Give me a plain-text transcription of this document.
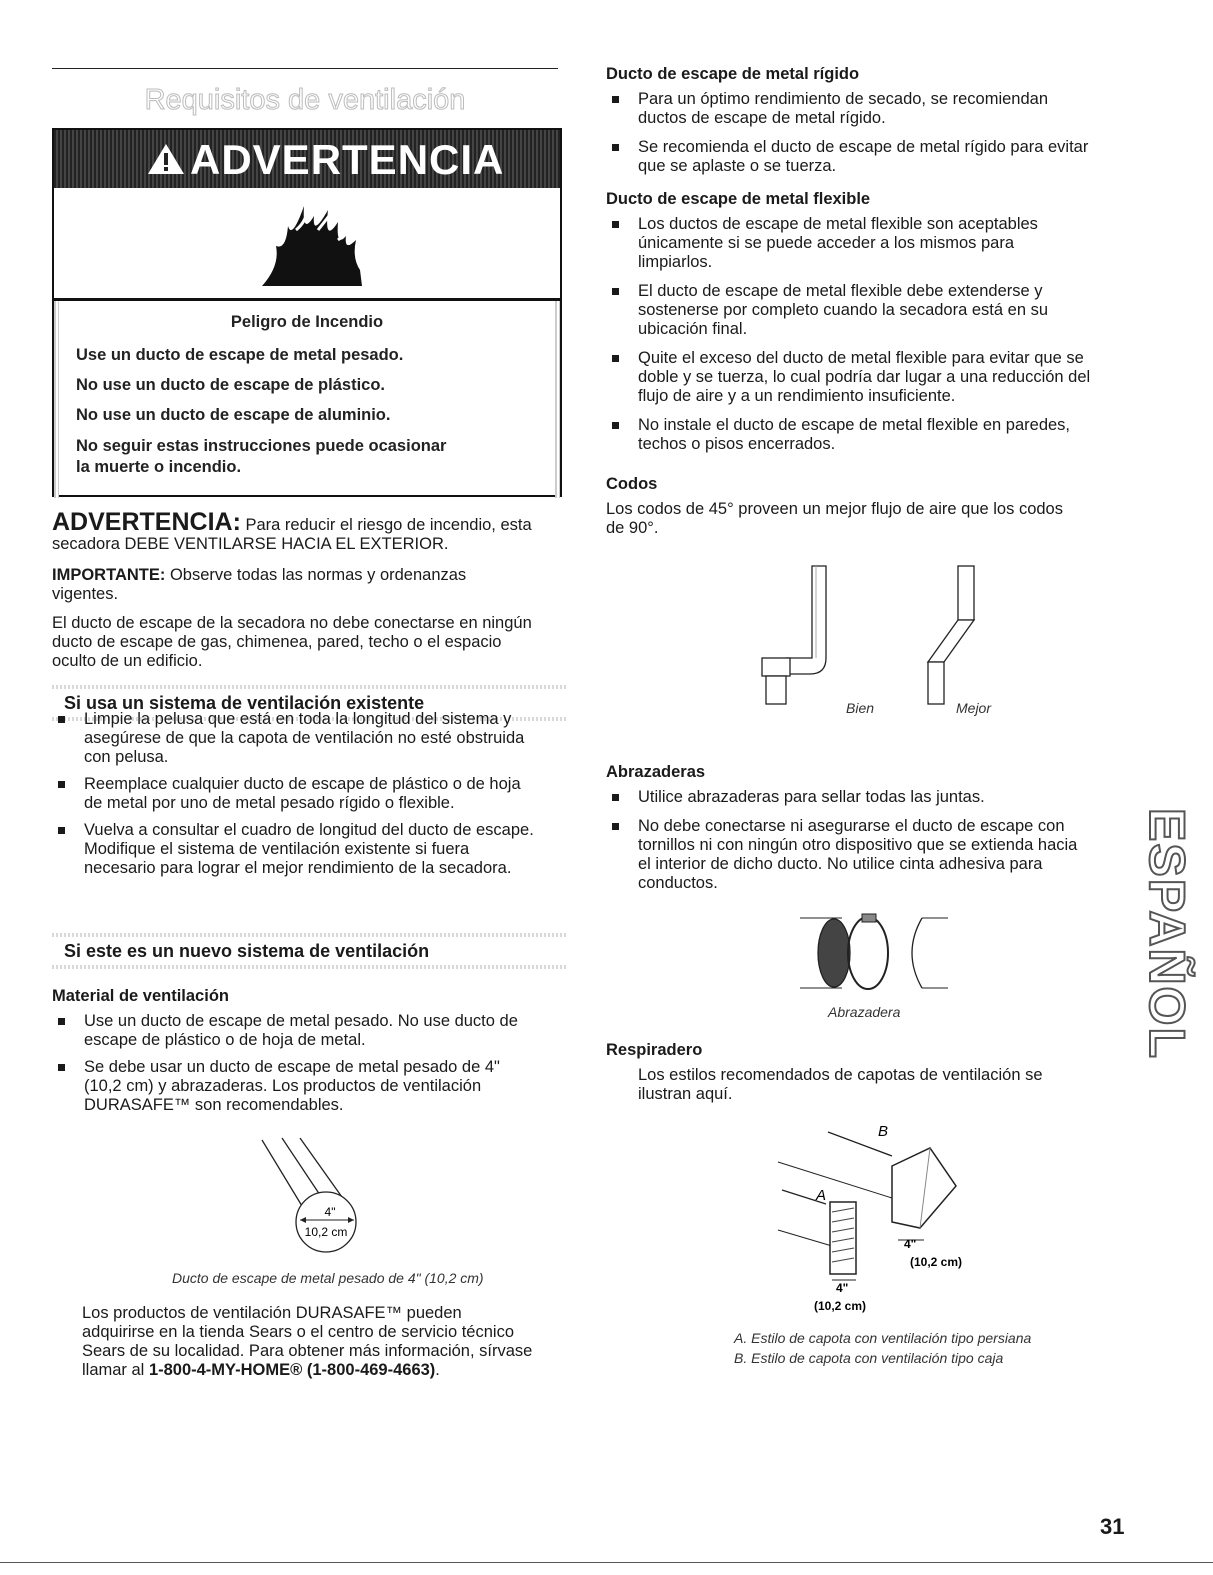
Requisitos de ventilación
ADVERTENCIA
Peligro de Incendio
Use un ducto de escape de metal pesado.
No use un ducto de escape de plástico.
No use un ducto de escape de aluminio.
No seguir estas instrucciones puede ocasionar
la muerte o incendio.
ADVERTENCIA: Para reducir el riesgo de incendio, esta
secadora DEBE VENTILARSE HACIA EL EXTERIOR.
IMPORTANTE: Observe todas las normas y ordenanzas
vigentes.
El ducto de escape de la secadora no debe conectarse en ningún
ducto de escape de gas, chimenea, pared, techo o el espacio
oculto de un edificio.
Si usa un sistema de ventilación existente
Limpie la pelusa que está en toda la longitud del sistema y
asegúrese de que la capota de ventilación no esté obstruida
con pelusa.
Reemplace cualquier ducto de escape de plástico o de hoja
de metal por uno de metal pesado rígido o flexible.
Vuelva a consultar el cuadro de longitud del ducto de escape.
Modifique el sistema de ventilación existente si fuera
necesario para lograr el mejor rendimiento de la secadora.
Si este es un nuevo sistema de ventilación
Material de ventilación
Use un ducto de escape de metal pesado. No use ducto de
escape de plástico o de hoja de metal.
Se debe usar un ducto de escape de metal pesado de 4"
(10,2 cm) y abrazaderas. Los productos de ventilación
DURASAFE™ son recomendables.
4"
10,2 cm
Ducto de escape de metal pesado de 4" (10,2 cm)
Los productos de ventilación DURASAFE™ pueden
adquirirse en la tienda Sears o el centro de servicio técnico
Sears de su localidad. Para obtener más información, sírvase
llamar al 1-800-4-MY-HOME® (1-800-469-4663).
Ducto de escape de metal rígido
Para un óptimo rendimiento de secado, se recomiendan
ductos de escape de metal rígido.
Se recomienda el ducto de escape de metal rígido para evitar
que se aplaste o se tuerza.
Ducto de escape de metal flexible
Los ductos de escape de metal flexible son aceptables
únicamente si se puede acceder a los mismos para
limpiarlos.
El ducto de escape de metal flexible debe extenderse y
sostenerse por completo cuando la secadora está en su
ubicación final.
Quite el exceso del ducto de metal flexible para evitar que se
doble y se tuerza, lo cual podría dar lugar a una reducción del
flujo de aire y a un rendimiento insuficiente.
No instale el ducto de escape de metal flexible en paredes,
techos o pisos encerrados.
Codos
Los codos de 45° proveen un mejor flujo de aire que los codos
de 90°.
Bien	Mejor
Abrazaderas
Utilice abrazaderas para sellar todas las juntas.
No debe conectarse ni asegurarse el ducto de escape con
tornillos ni con ningún otro dispositivo que se extienda hacia
el interior de dicho ducto. No utilice cinta adhesiva para
conductos.
Abrazadera
Respiradero
Los estilos recomendados de capotas de ventilación se
ilustran aquí.
B
A
4"
(10,2 cm)
4"
(10,2 cm)
A. Estilo de capota con ventilación tipo persiana
B. Estilo de capota con ventilación tipo caja
ESPAÑOL
31
